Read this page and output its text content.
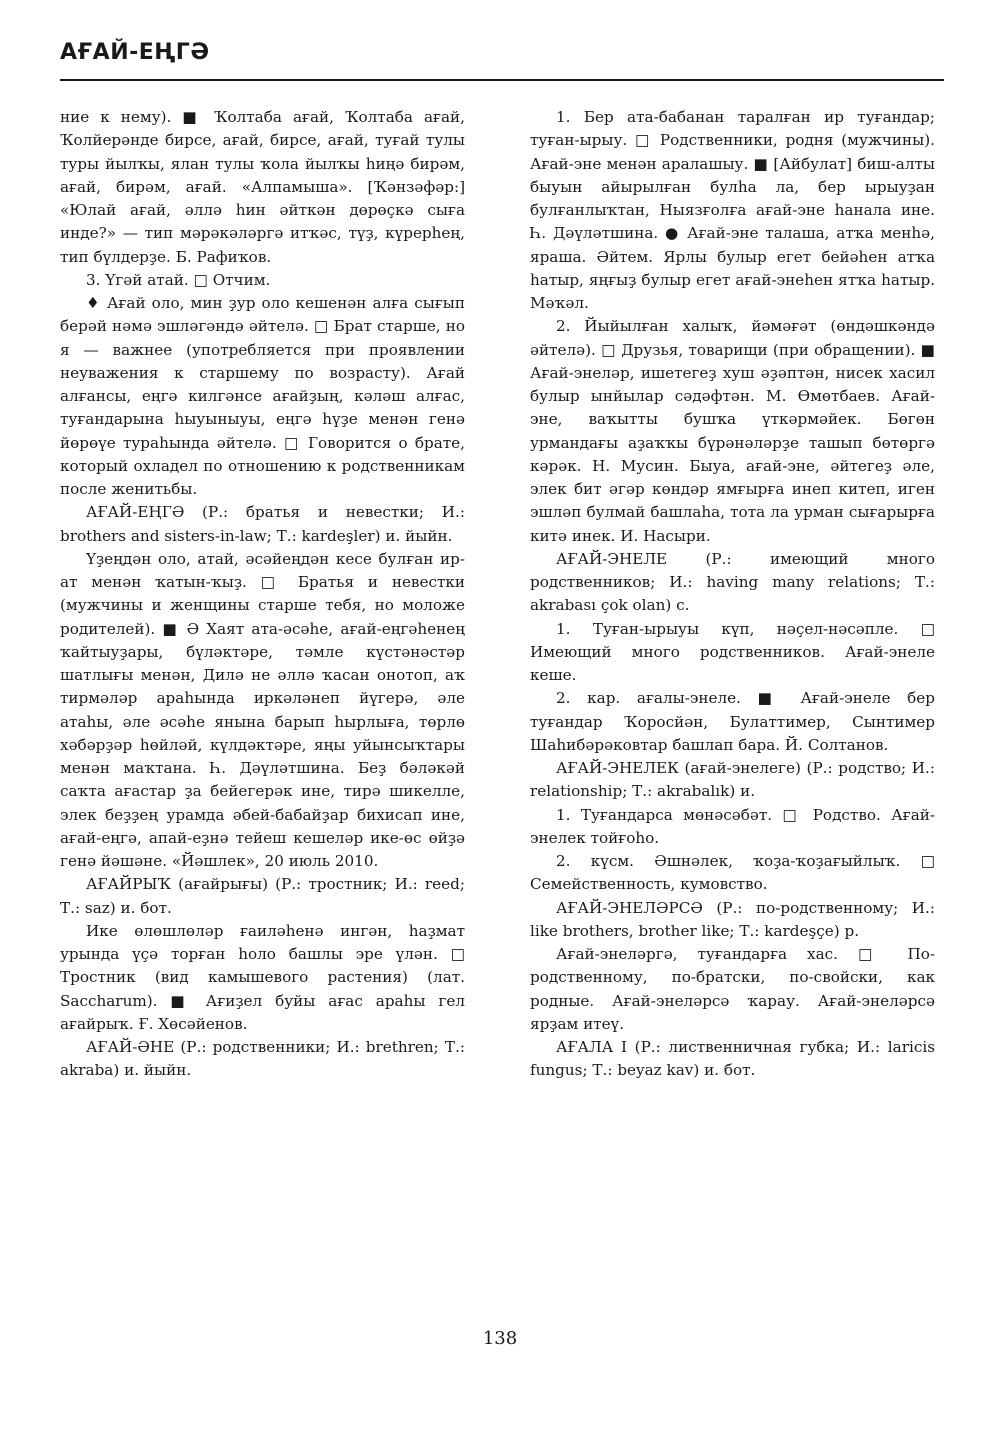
АҒАЙ-ЕҢГӘ

ние к нему). ■ Ҡолтаба ағай, Ҡолтаба ағай, Ҡолйерәнде бирсе, ағай, бирсе, ағай, туғай тулы туры йылҡы, ялан тулы ҡола йылҡы һиңә бирәм, ағай, бирәм, ағай. «Алпамыша». [Ҡәнзәфәр:] «Юлай ағай, әллә һин әйткән дөрөҫкә сыға инде?» — тип мәрәкәләргә итҡәс, түҙ, күрерһең, тип бүлдерҙе. Б. Рафиҡов.

3. Үгәй атай. □ Отчим.

♦ Ағай оло, мин ҙур оло кешенән алға сығып берәй нәмә эшләгәндә әйтелә. □ Брат старше, но я — важнее (употребляется при проявлении неуважения к старшему по возрасту). Ағай алғансы, еңгә килгәнсе ағайҙың, кәләш алғас, туғандарына һыуыныуы, еңгә һүҙе менән генә йөрөүе тураһында әйтелә. □ Говорится о брате, который охладел по отношению к родственникам после женитьбы.

АҒАЙ-ЕҢГӘ (Р.: братья и невестки; И.: brothers and sisters-in-law; Т.: kardeşler) и. йыйн.

Үҙеңдән оло, атай, әсәйеңдән кесе булған ир-ат менән ҡатын-ҡыҙ. □ Братья и невестки (мужчины и женщины старше тебя, но моложе родителей). ■ Ә Хаят ата-әсәһе, ағай-еңгәһенең ҡайтыуҙары, бүләктәре, тәмле күстәнәстәр шатлығы менән, Дилә не әллә ҡасан онотоп, аҡ тирмәләр араһында иркәләнеп йүгерә, әле атаһы, әле әсәһе янына барып һырлыға, төрлө хәбәрҙәр һөйләй, күлдәктәре, яңы уйынсыҡтары менән маҡтана. Һ. Дәүләтшина. Беҙ бәләкәй саҡта ағастар ҙа бейегерәк ине, тирә шикелле, элек беҙҙең урамда әбей-бабайҙар бихисап ине, ағай-еңгә, апай-еҙнә тейеш кешеләр ике-өс өйҙә генә йәшәне. «Йәшлек», 20 июль 2010.

АҒАЙРЫҠ (ағайрығы) (Р.: тростник; И.: reed; Т.: saz) и. бот.

Ике өлөшлөләр ғаиләһенә ингән, һаҙмат урында үҫә торған һоло башлы эре үлән. □ Тростник (вид камышевого растения) (лат. Saccharum). ■ Ағиҙел буйы ағас араһы гел ағайрыҡ. Ғ. Хөсәйенов.

АҒАЙ-ӘНЕ (Р.: родственники; И.: brethren; Т.: akraba) и. йыйн.

1. Бер ата-бабанан таралған ир туғандар; туған-ырыу. □ Родственники, родня (мужчины). Ағай-эне менән аралашыу. ■ [Айбулат] биш-алты быуын айырылған булһа ла, бер ырыуҙан булғанлыҡтан, Ныязғолға ағай-эне һанала ине. Һ. Дәүләтшина. ● Ағай-эне талаша, атҡа менһә, яраша. Әйтем. Ярлы булыр егет бейәһен атҡа һатыр, яңғыҙ булыр егет ағай-энеһен ятҡа һатыр. Мәҡәл.

2. Йыйылған халыҡ, йәмәғәт (өндәшкәндә әйтелә). □ Друзья, товарищи (при обращении). ■ Ағай-энеләр, ишетегеҙ хуш әҙәптән, нисек хасил булыр ынйылар сәдәфтән. М. Өмөтбаев. Ағай-эне, ваҡытты бушҡа үткәрмәйек. Бөгөн урмандағы аҙаҡҡы бүрәнәләрҙе ташып бөтөргә кәрәк. Н. Мусин. Быуа, ағай-эне, әйтегеҙ әле, элек бит әгәр көндәр ямғырға инеп китеп, иген эшләп булмай башлаһа, тота ла урман сығарырға китә инек. И. Насыри.

АҒАЙ-ЭНЕЛЕ (Р.: имеющий много родственников; И.: having many relations; Т.: akrabası çok olan) с.

1. Туған-ырыуы күп, нәҫел-нәсәпле. □ Имеющий много родственников. Ағай-энеле кеше.

2. кар. ағалы-энеле. ■ Ағай-энеле бер туғандар Ҡоросйән, Булаттимер, Сынтимер Шаһибәрәковтар башлап бара. Й. Солтанов.

АҒАЙ-ЭНЕЛЕК (ағай-энелеге) (Р.: родство; И.: relationship; Т.: akrabalık) и.

1. Туғандарса мөнәсәбәт. □ Родство. Ағай-энелек тойғоһо.

2. күсм. Әшнәлек, ҡоҙа-ҡоҙағыйлыҡ. □ Семейственность, кумовство.

АҒАЙ-ЭНЕЛӘРСӘ (Р.: по-родственному; И.: like brothers, brother like; Т.: kardeşçe) р.

Ағай-энеләргә, туғандарға хас. □ По-родственному, по-братски, по-свойски, как родные. Ағай-энеләрсә ҡарау. Ағай-энеләрсә ярҙам итеү.

АҒАЛА I (Р.: лиственничная губка; И.: laricis fungus; Т.: beyaz kav) и. бот.

138
